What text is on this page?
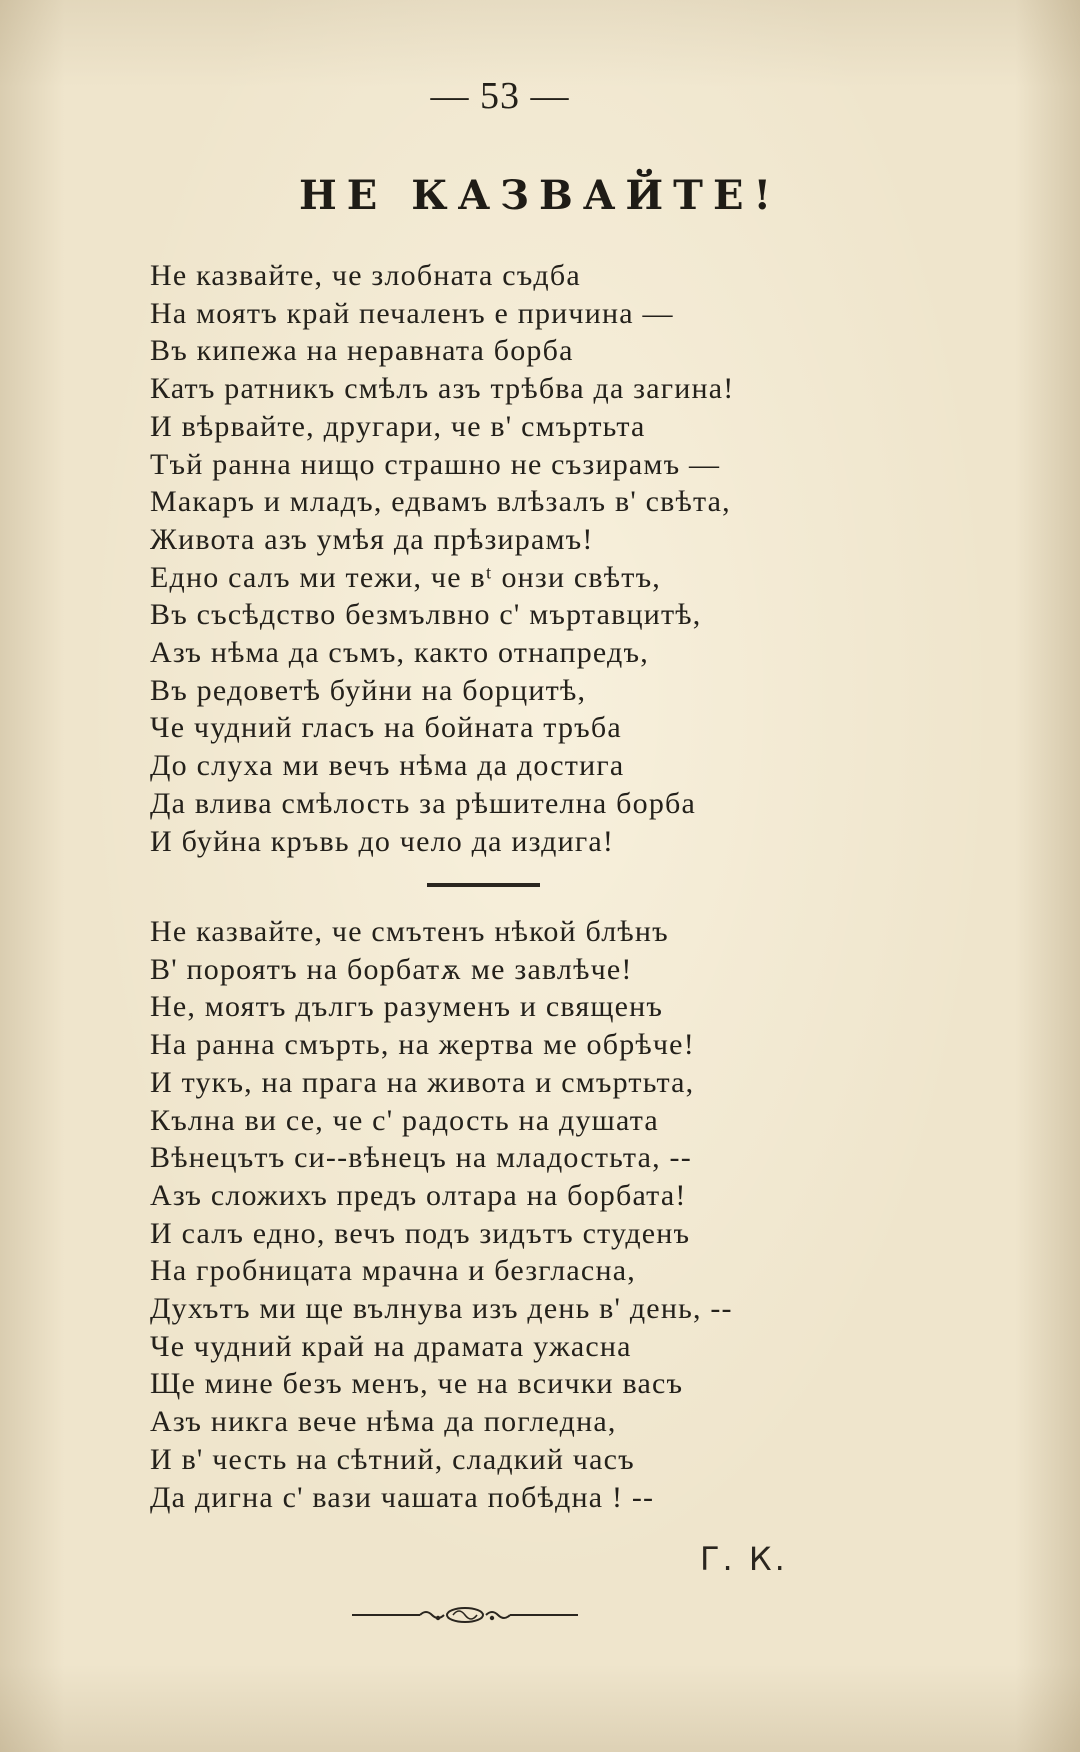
— 53 —
НЕ КАЗВАЙТЕ!
Не казвайте, че злобната съдба
На моятъ край печаленъ е причина —
Въ кипежа на неравната борба
Катъ ратникъ смѣлъ азъ трѣбва да загина!
И вѣрвайте, другари, че в' смъртьта
Тъй ранна нищо страшно не съзирамъ —
Макаръ и младъ, едвамъ влѣзалъ в' свѣта,
Живота азъ умѣя да прѣзирамъ!
Едно салъ ми тежи, че вᵗ онзи свѣтъ,
Въ съсѣдство безмълвно с' мъртавцитѣ,
Азъ нѣма да съмъ, както отнапредъ,
Въ редоветѣ буйни на борцитѣ,
Че чудний гласъ на бойната тръба
До слуха ми вечъ нѣма да достига
Да влива смѣлость за рѣшителна борба
И буйна кръвь до чело да издига!
Не казвайте, че смътенъ нѣкой блѣнъ
В' пороятъ на борбатѫ ме завлѣче!
Не, моятъ дългъ разуменъ и священъ
На ранна смърть, на жертва ме обрѣче!
И тукъ, на прага на живота и смъртьта,
Кълна ви се, че с' радость на душата
Вѣнецътъ си--вѣнецъ на младостьта, --
Азъ сложихъ предъ олтара на борбата!
И салъ едно, вечъ подъ зидътъ студенъ
На гробницата мрачна и безгласна,
Духътъ ми ще вълнува изъ день в' день, --
Че чудний край на драмата ужасна
Ще мине безъ менъ, че на всички васъ
Азъ никга вече нѣма да погледна,
И в' честь на сѣтний, сладкий часъ
Да дигна с' вази чашата побѣдна ! --
Г. К.
